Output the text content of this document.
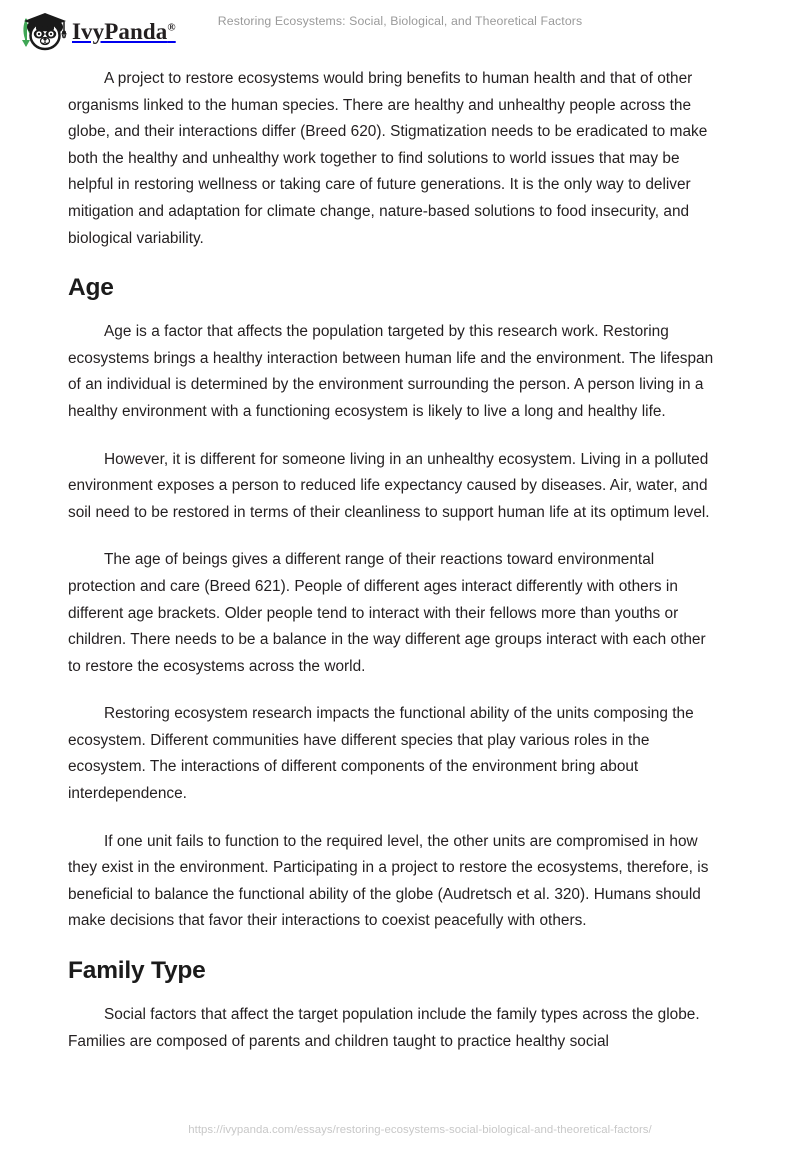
IvyPanda®	Restoring Ecosystems: Social, Biological, and Theoretical Factors

A project to restore ecosystems would bring benefits to human health and that of other organisms linked to the human species. There are healthy and unhealthy people across the globe, and their interactions differ (Breed 620). Stigmatization needs to be eradicated to make both the healthy and unhealthy work together to find solutions to world issues that may be helpful in restoring wellness or taking care of future generations. It is the only way to deliver mitigation and adaptation for climate change, nature-based solutions to food insecurity, and biological variability.

Age

Age is a factor that affects the population targeted by this research work. Restoring ecosystems brings a healthy interaction between human life and the environment. The lifespan of an individual is determined by the environment surrounding the person. A person living in a healthy environment with a functioning ecosystem is likely to live a long and healthy life.

However, it is different for someone living in an unhealthy ecosystem. Living in a polluted environment exposes a person to reduced life expectancy caused by diseases. Air, water, and soil need to be restored in terms of their cleanliness to support human life at its optimum level.

The age of beings gives a different range of their reactions toward environmental protection and care (Breed 621). People of different ages interact differently with others in different age brackets. Older people tend to interact with their fellows more than youths or children. There needs to be a balance in the way different age groups interact with each other to restore the ecosystems across the world.

Restoring ecosystem research impacts the functional ability of the units composing the ecosystem. Different communities have different species that play various roles in the ecosystem. The interactions of different components of the environment bring about interdependence.

If one unit fails to function to the required level, the other units are compromised in how they exist in the environment. Participating in a project to restore the ecosystems, therefore, is beneficial to balance the functional ability of the globe (Audretsch et al. 320). Humans should make decisions that favor their interactions to coexist peacefully with others.

Family Type

Social factors that affect the target population include the family types across the globe. Families are composed of parents and children taught to practice healthy social

https://ivypanda.com/essays/restoring-ecosystems-social-biological-and-theoretical-factors/
